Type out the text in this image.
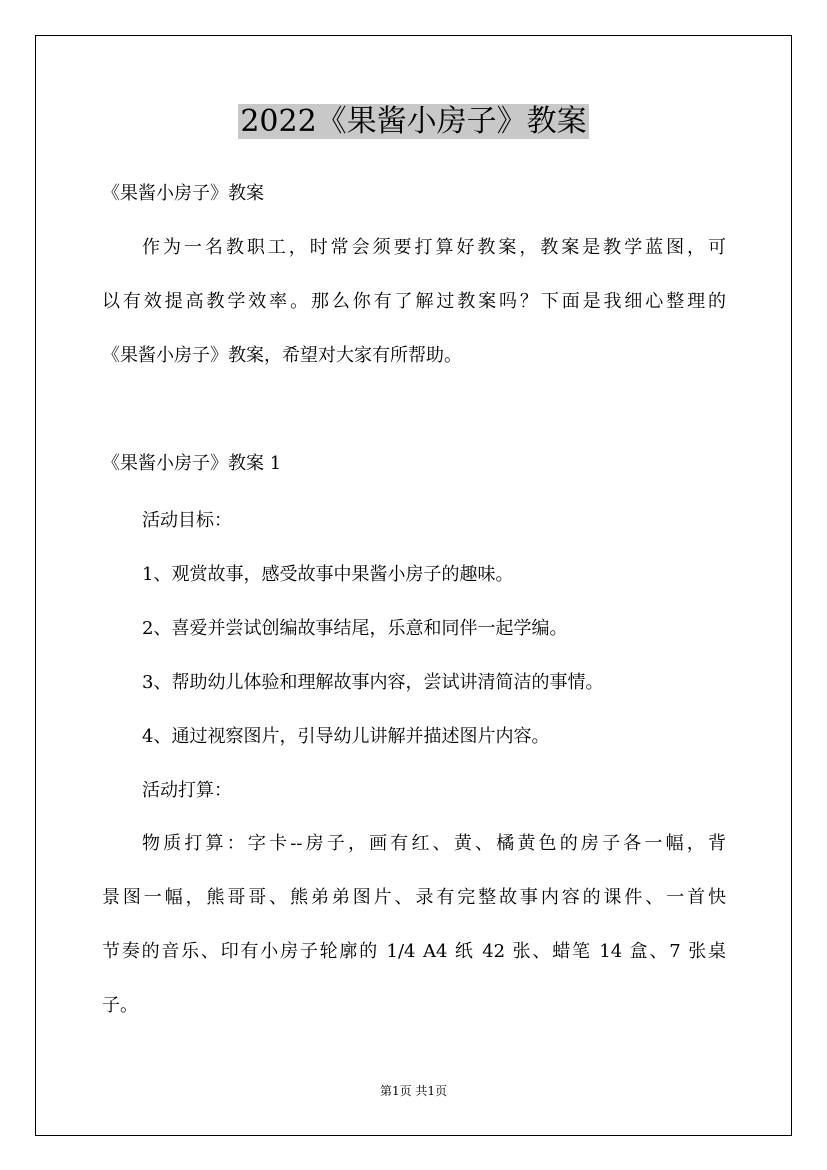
2022《果酱小房子》教案

《果酱小房子》教案

作为一名教职工，时常会须要打算好教案，教案是教学蓝图，可

以有效提高教学效率。那么你有了解过教案吗？下面是我细心整理的

《果酱小房子》教案，希望对大家有所帮助。

《果酱小房子》教案 1

活动目标：

1、观赏故事，感受故事中果酱小房子的趣味。

2、喜爱并尝试创编故事结尾，乐意和同伴一起学编。

3、帮助幼儿体验和理解故事内容，尝试讲清简洁的事情。

4、通过视察图片，引导幼儿讲解并描述图片内容。

活动打算：

物质打算：字卡--房子，画有红、黄、橘黄色的房子各一幅，背

景图一幅，熊哥哥、熊弟弟图片、录有完整故事内容的课件、一首快

节奏的音乐、印有小房子轮廓的 1/4 A4 纸 42 张、蜡笔 14 盒、7 张桌

子。

第1页 共1页
